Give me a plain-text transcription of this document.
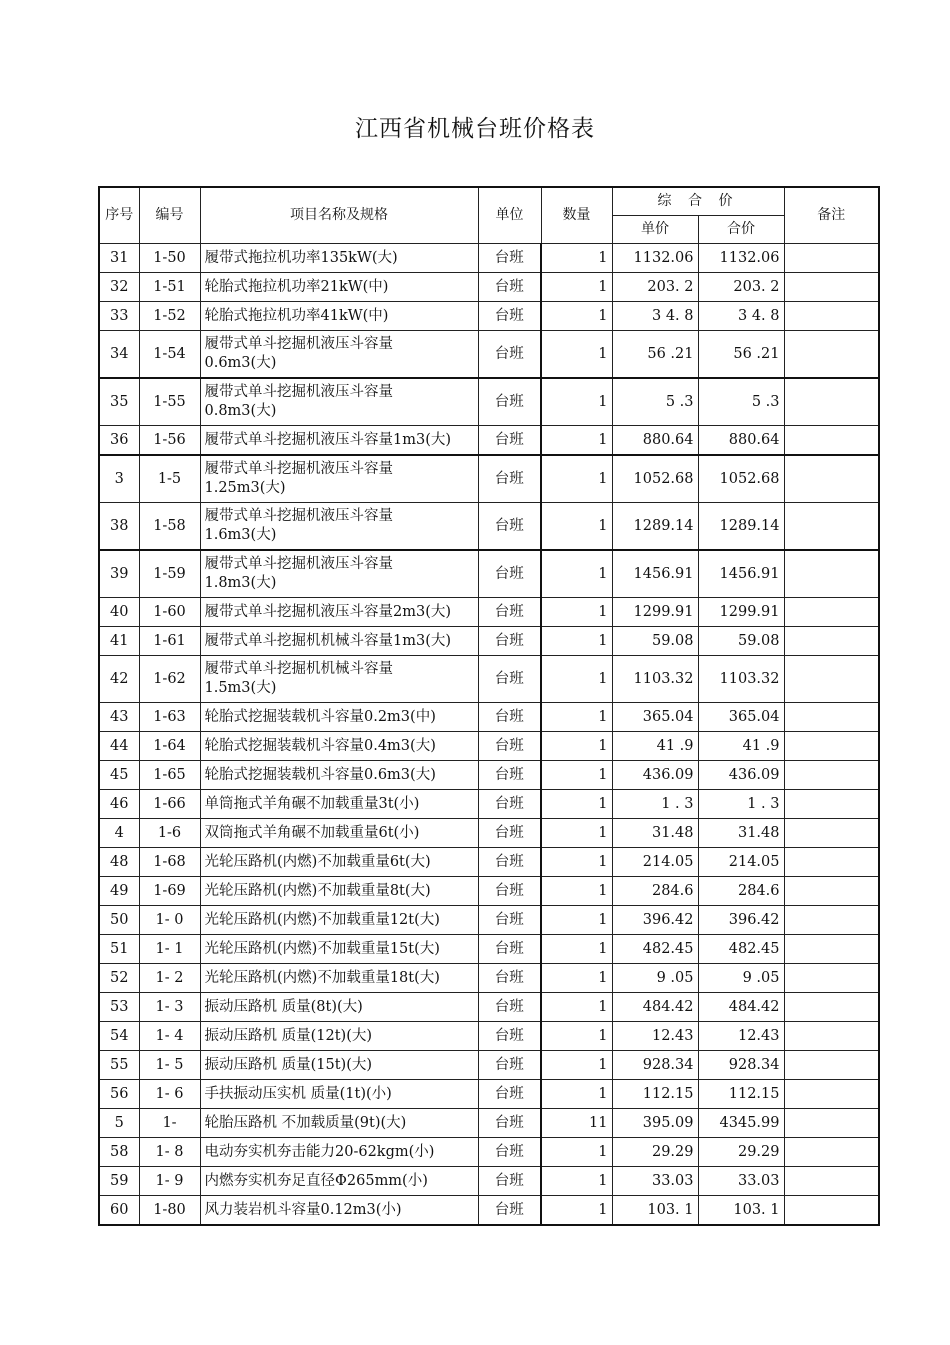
江西省机械台班价格表
序号	编号	项目名称及规格	单位	数量	综 合 价		备注
					单价	合价	
31	1-50	履带式拖拉机功率135kW(大)	台班	1	1132.06	1132.06	
32	1-51	轮胎式拖拉机功率21kW(中)	台班	1	203. 2	203. 2	
33	1-52	轮胎式拖拉机功率41kW(中)	台班	1	3 4. 8	3 4. 8	
34	1-54	履带式单斗挖掘机液压斗容量
0.6m3(大)	台班	1	56 .21	56 .21	
35	1-55	履带式单斗挖掘机液压斗容量
0.8m3(大)	台班	1	5 .3	5 .3	
36	1-56	履带式单斗挖掘机液压斗容量1m3(大)	台班	1	880.64	880.64	
3	1-5	履带式单斗挖掘机液压斗容量
1.25m3(大)	台班	1	1052.68	1052.68	
38	1-58	履带式单斗挖掘机液压斗容量
1.6m3(大)	台班	1	1289.14	1289.14	
39	1-59	履带式单斗挖掘机液压斗容量
1.8m3(大)	台班	1	1456.91	1456.91	
40	1-60	履带式单斗挖掘机液压斗容量2m3(大)	台班	1	1299.91	1299.91	
41	1-61	履带式单斗挖掘机机械斗容量1m3(大)	台班	1	59.08	59.08	
42	1-62	履带式单斗挖掘机机械斗容量
1.5m3(大)	台班	1	1103.32	1103.32	
43	1-63	轮胎式挖掘装载机斗容量0.2m3(中)	台班	1	365.04	365.04	
44	1-64	轮胎式挖掘装载机斗容量0.4m3(大)	台班	1	41 .9	41 .9	
45	1-65	轮胎式挖掘装载机斗容量0.6m3(大)	台班	1	436.09	436.09	
46	1-66	单筒拖式羊角碾不加载重量3t(小)	台班	1	1 . 3	1 . 3	
4	1-6	双筒拖式羊角碾不加载重量6t(小)	台班	1	31.48	31.48	
48	1-68	光轮压路机(内燃)不加载重量6t(大)	台班	1	214.05	214.05	
49	1-69	光轮压路机(内燃)不加载重量8t(大)	台班	1	284.6	284.6	
50	1- 0	光轮压路机(内燃)不加载重量12t(大)	台班	1	396.42	396.42	
51	1- 1	光轮压路机(内燃)不加载重量15t(大)	台班	1	482.45	482.45	
52	1- 2	光轮压路机(内燃)不加载重量18t(大)	台班	1	9 .05	9 .05	
53	1- 3	振动压路机 质量(8t)(大)	台班	1	484.42	484.42	
54	1- 4	振动压路机 质量(12t)(大)	台班	1	12.43	12.43	
55	1- 5	振动压路机 质量(15t)(大)	台班	1	928.34	928.34	
56	1- 6	手扶振动压实机 质量(1t)(小)	台班	1	112.15	112.15	
5	1-	轮胎压路机 不加载质量(9t)(大)	台班	11	395.09	4345.99	
58	1- 8	电动夯实机夯击能力20-62kgm(小)	台班	1	29.29	29.29	
59	1- 9	内燃夯实机夯足直径Φ265mm(小)	台班	1	33.03	33.03	
60	1-80	风力装岩机斗容量0.12m3(小)	台班	1	103. 1	103. 1	
